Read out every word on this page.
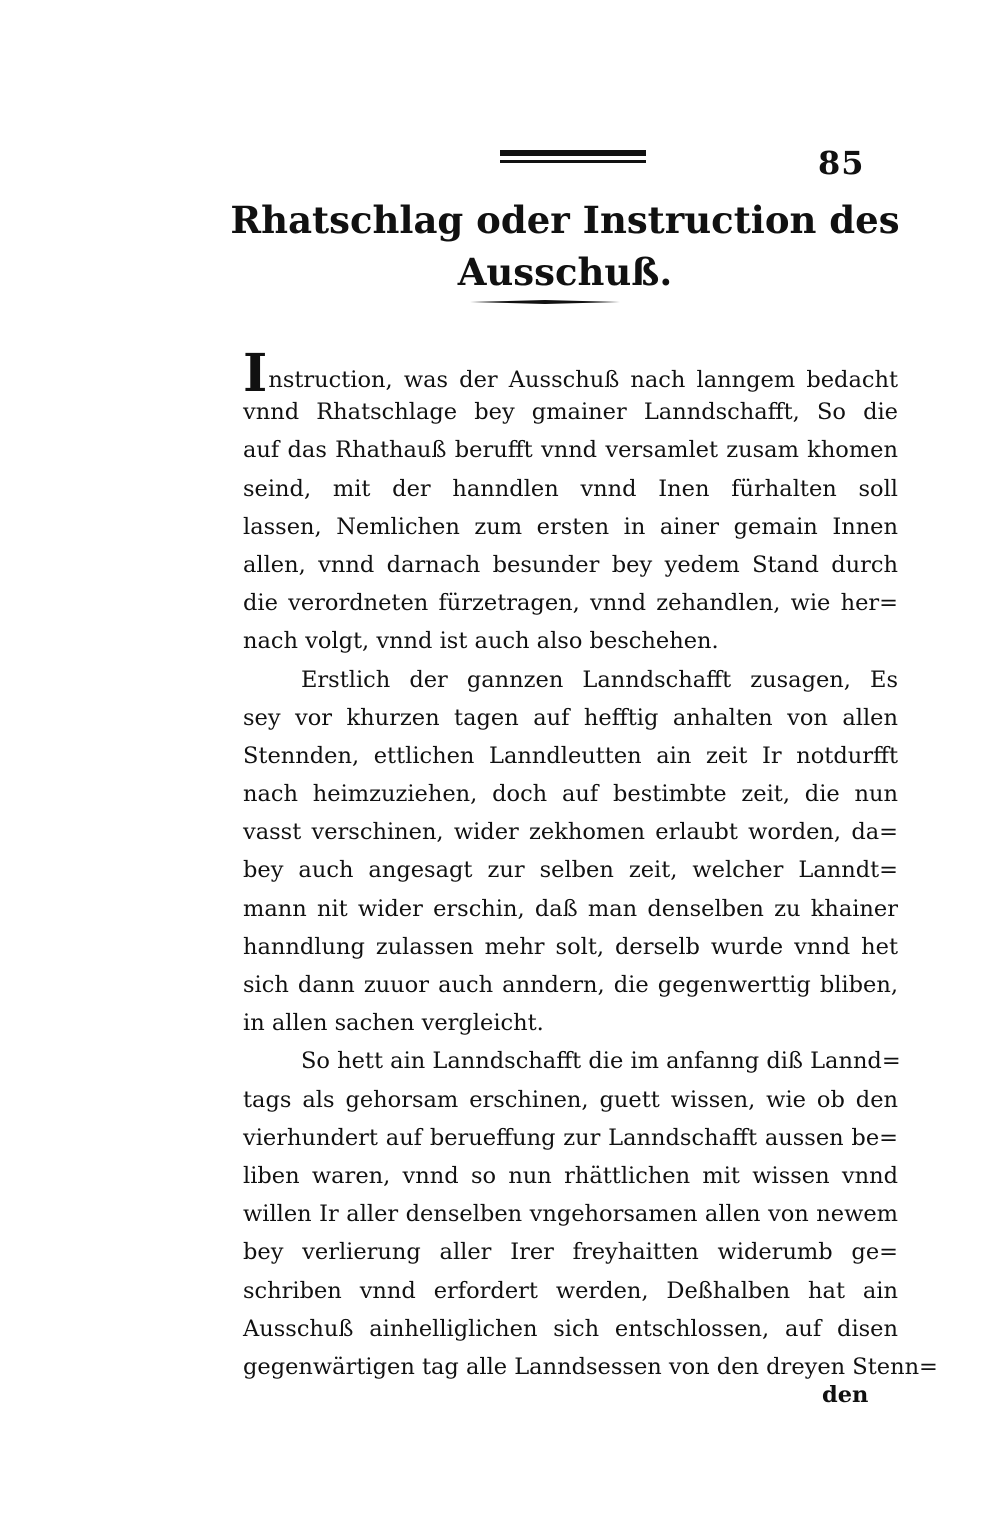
85
Rhatschlag oder Instruction des
Ausschuß.
Instruction, was der Ausschuß nach lanngem bedacht
vnnd Rhatschlage bey gmainer Lanndschafft, So die
auf das Rhathauß berufft vnnd versamlet zusam khomen
seind, mit der hanndlen vnnd Inen fürhalten soll
lassen, Nemlichen zum ersten in ainer gemain Innen
allen, vnnd darnach besunder bey yedem Stand durch
die verordneten fürzetragen, vnnd zehandlen, wie her=
nach volgt, vnnd ist auch also beschehen.
Erstlich der gannzen Lanndschafft zusagen, Es
sey vor khurzen tagen auf hefftig anhalten von allen
Stennden, ettlichen Lanndleutten ain zeit Ir notdurfft
nach heimzuziehen, doch auf bestimbte zeit, die nun
vasst verschinen, wider zekhomen erlaubt worden, da=
bey auch angesagt zur selben zeit, welcher Lanndt=
mann nit wider erschin, daß man denselben zu khainer
hanndlung zulassen mehr solt, derselb wurde vnnd het
sich dann zuuor auch anndern, die gegenwerttig bliben,
in allen sachen vergleicht.
So hett ain Lanndschafft die im anfanng diß Lannd=
tags als gehorsam erschinen, guett wissen, wie ob den
vierhundert auf berueffung zur Lanndschafft aussen be=
liben waren, vnnd so nun rhättlichen mit wissen vnnd
willen Ir aller denselben vngehorsamen allen von newem
bey verlierung aller Irer freyhaitten widerumb ge=
schriben vnnd erfordert werden, Deßhalben hat ain
Ausschuß ainhelliglichen sich entschlossen, auf disen
gegenwärtigen tag alle Lanndsessen von den dreyen Stenn=
den
